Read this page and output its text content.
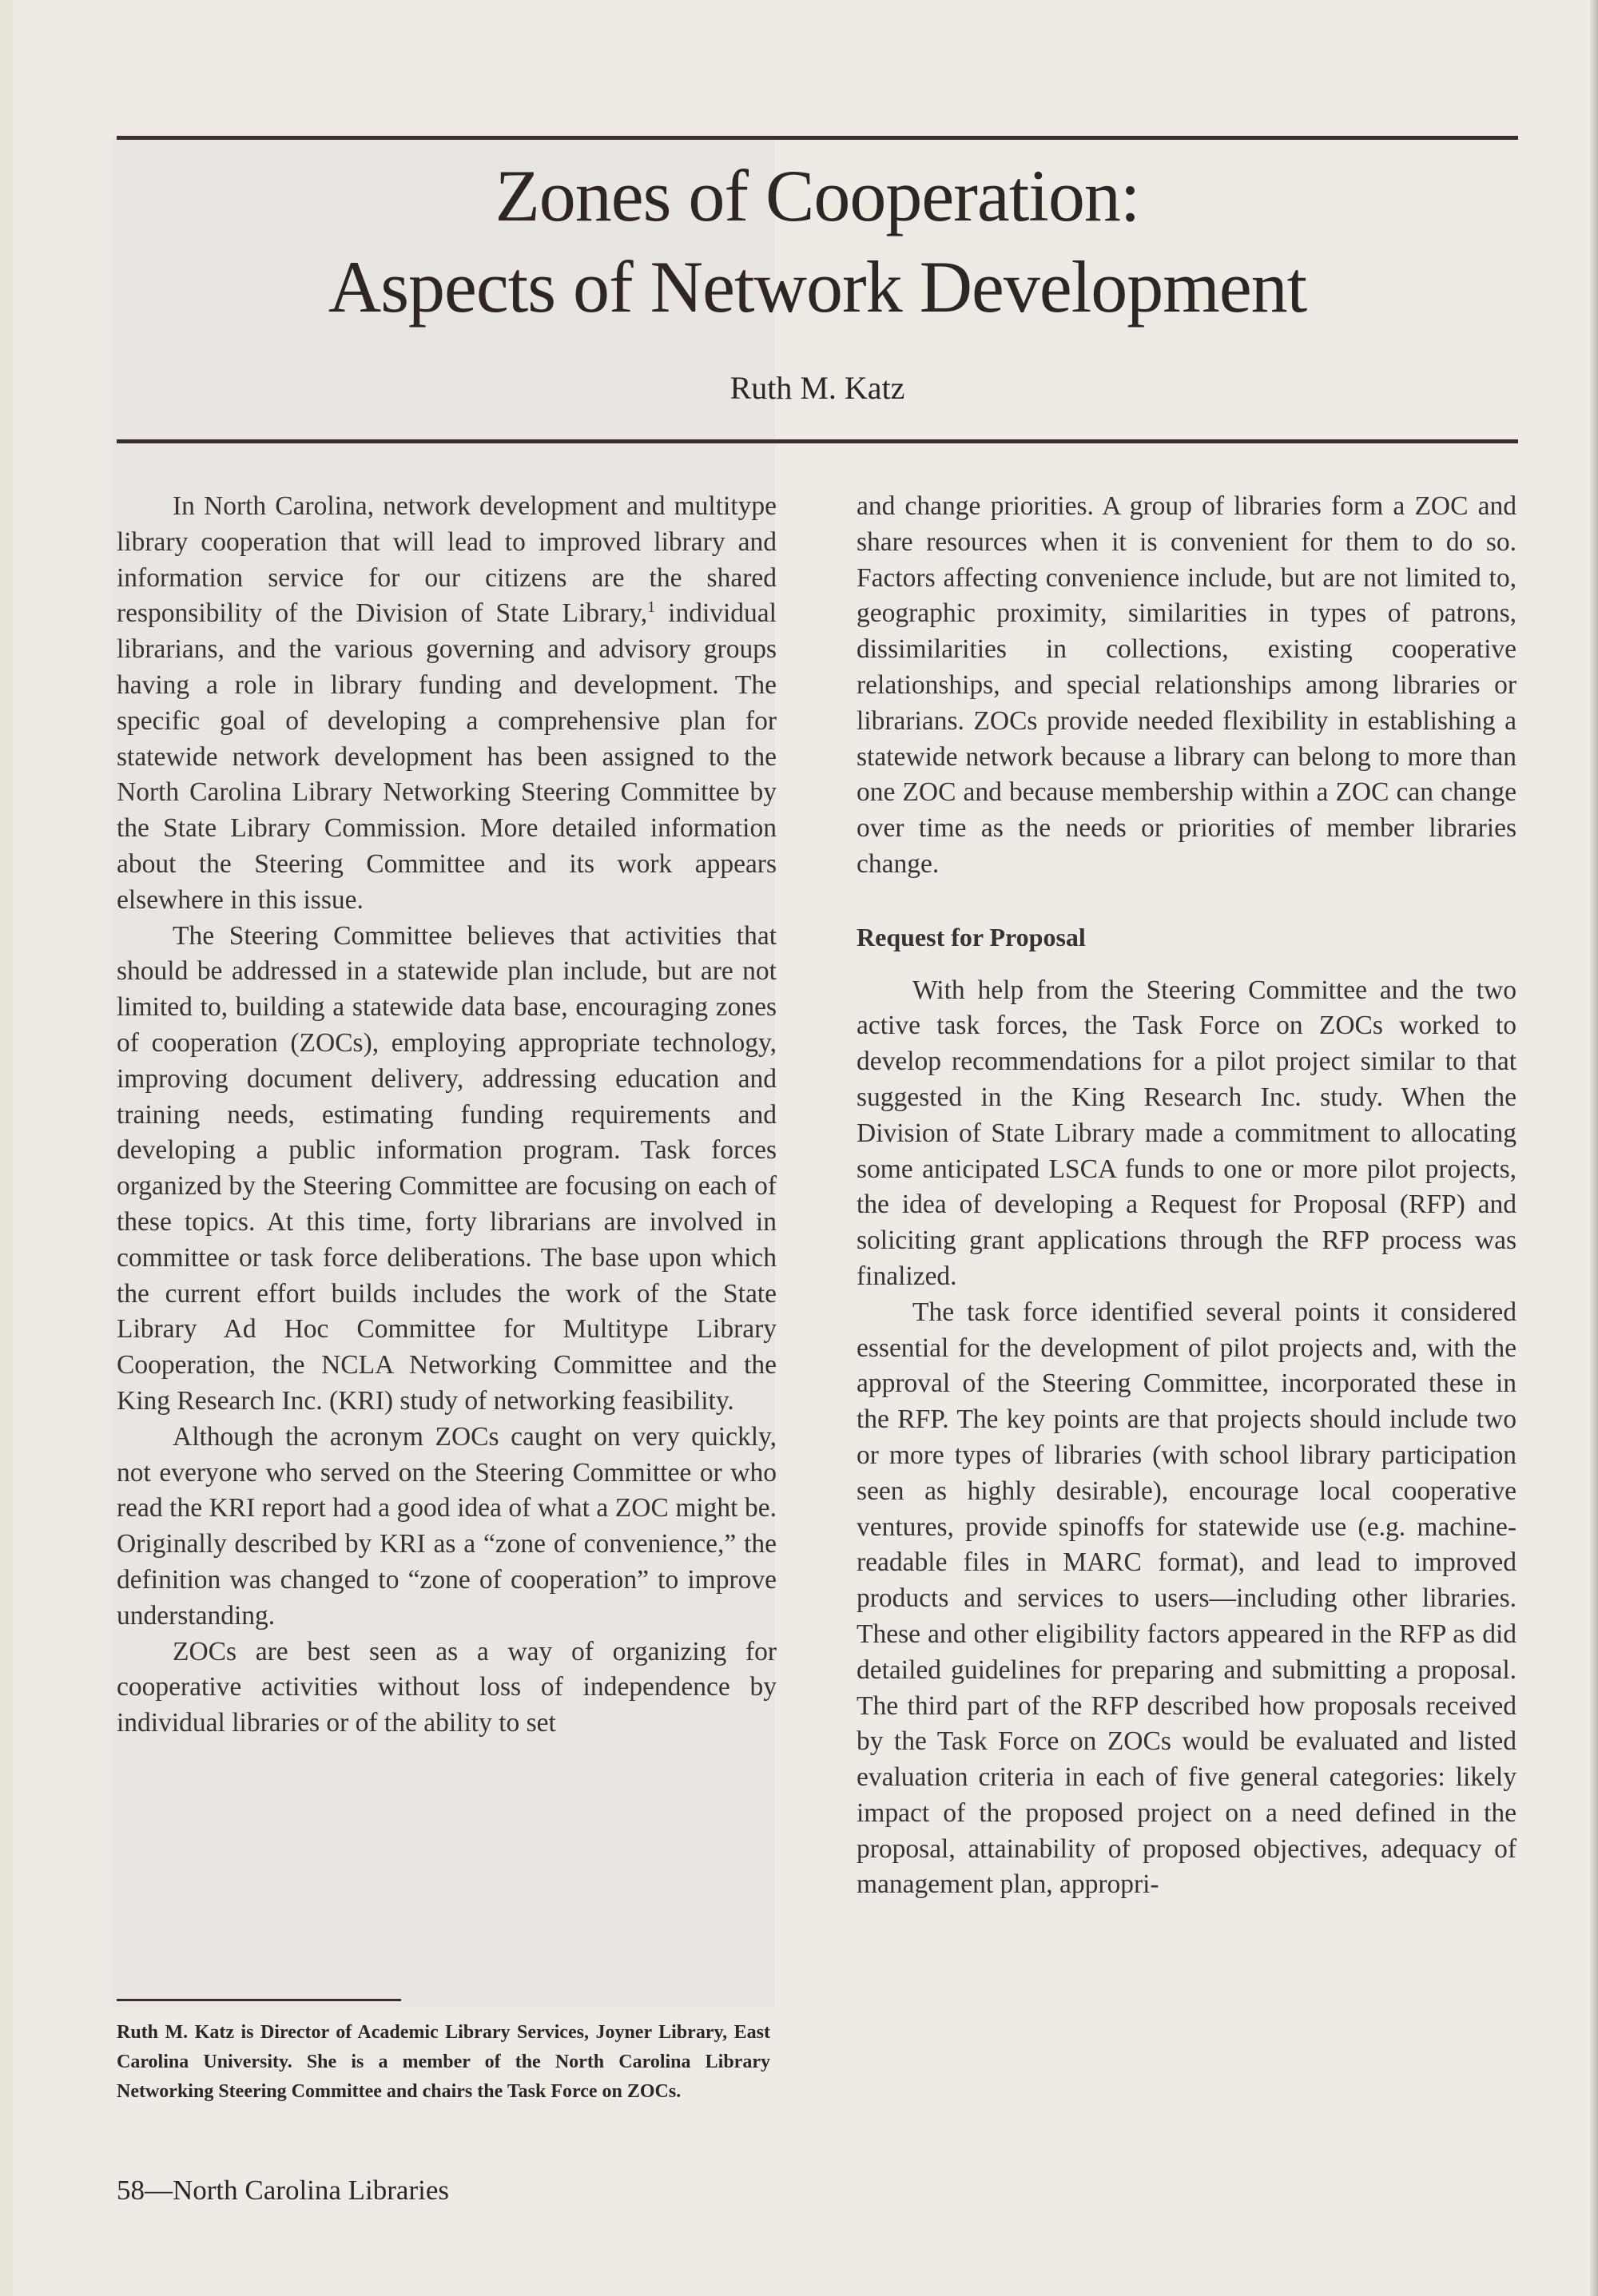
Zones of Cooperation:
Aspects of Network Development
Ruth M. Katz

In North Carolina, network development and multitype library cooperation that will lead to improved library and information service for our citizens are the shared responsibility of the Division of State Library,$^1$ individual librarians, and the various governing and advisory groups having a role in library funding and development. The specific goal of developing a comprehensive plan for statewide network development has been assigned to the North Carolina Library Networking Steering Committee by the State Library Commission. More detailed information about the Steering Committee and its work appears elsewhere in this issue.

The Steering Committee believes that activities that should be addressed in a statewide plan include, but are not limited to, building a statewide data base, encouraging zones of cooperation (ZOCs), employing appropriate technology, improving document delivery, addressing education and training needs, estimating funding requirements and developing a public information program. Task forces organized by the Steering Committee are focusing on each of these topics. At this time, forty librarians are involved in committee or task force deliberations. The base upon which the current effort builds includes the work of the State Library Ad Hoc Committee for Multitype Library Cooperation, the NCLA Networking Committee and the King Research Inc. (KRI) study of networking feasibility.

Although the acronym ZOCs caught on very quickly, not everyone who served on the Steering Committee or who read the KRI report had a good idea of what a ZOC might be. Originally described by KRI as a “zone of convenience,” the definition was changed to “zone of cooperation” to improve understanding.

ZOCs are best seen as a way of organizing for cooperative activities without loss of independence by individual libraries or of the ability to set

and change priorities. A group of libraries form a ZOC and share resources when it is convenient for them to do so. Factors affecting convenience include, but are not limited to, geographic proximity, similarities in types of patrons, dissimilarities in collections, existing cooperative relationships, and special relationships among libraries or librarians. ZOCs provide needed flexibility in establishing a statewide network because a library can belong to more than one ZOC and because membership within a ZOC can change over time as the needs or priorities of member libraries change.

Request for Proposal

With help from the Steering Committee and the two active task forces, the Task Force on ZOCs worked to develop recommendations for a pilot project similar to that suggested in the King Research Inc. study. When the Division of State Library made a commitment to allocating some anticipated LSCA funds to one or more pilot projects, the idea of developing a Request for Proposal (RFP) and soliciting grant applications through the RFP process was finalized.

The task force identified several points it considered essential for the development of pilot projects and, with the approval of the Steering Committee, incorporated these in the RFP. The key points are that projects should include two or more types of libraries (with school library participation seen as highly desirable), encourage local cooperative ventures, provide spinoffs for statewide use (e.g. machine-readable files in MARC format), and lead to improved products and services to users—including other libraries. These and other eligibility factors appeared in the RFP as did detailed guidelines for preparing and submitting a proposal. The third part of the RFP described how proposals received by the Task Force on ZOCs would be evaluated and listed evaluation criteria in each of five general categories: likely impact of the proposed project on a need defined in the proposal, attainability of proposed objectives, adequacy of management plan, appropri-

Ruth M. Katz is Director of Academic Library Services, Joyner Library, East Carolina University. She is a member of the North Carolina Library Networking Steering Committee and chairs the Task Force on ZOCs.
58—North Carolina Libraries
